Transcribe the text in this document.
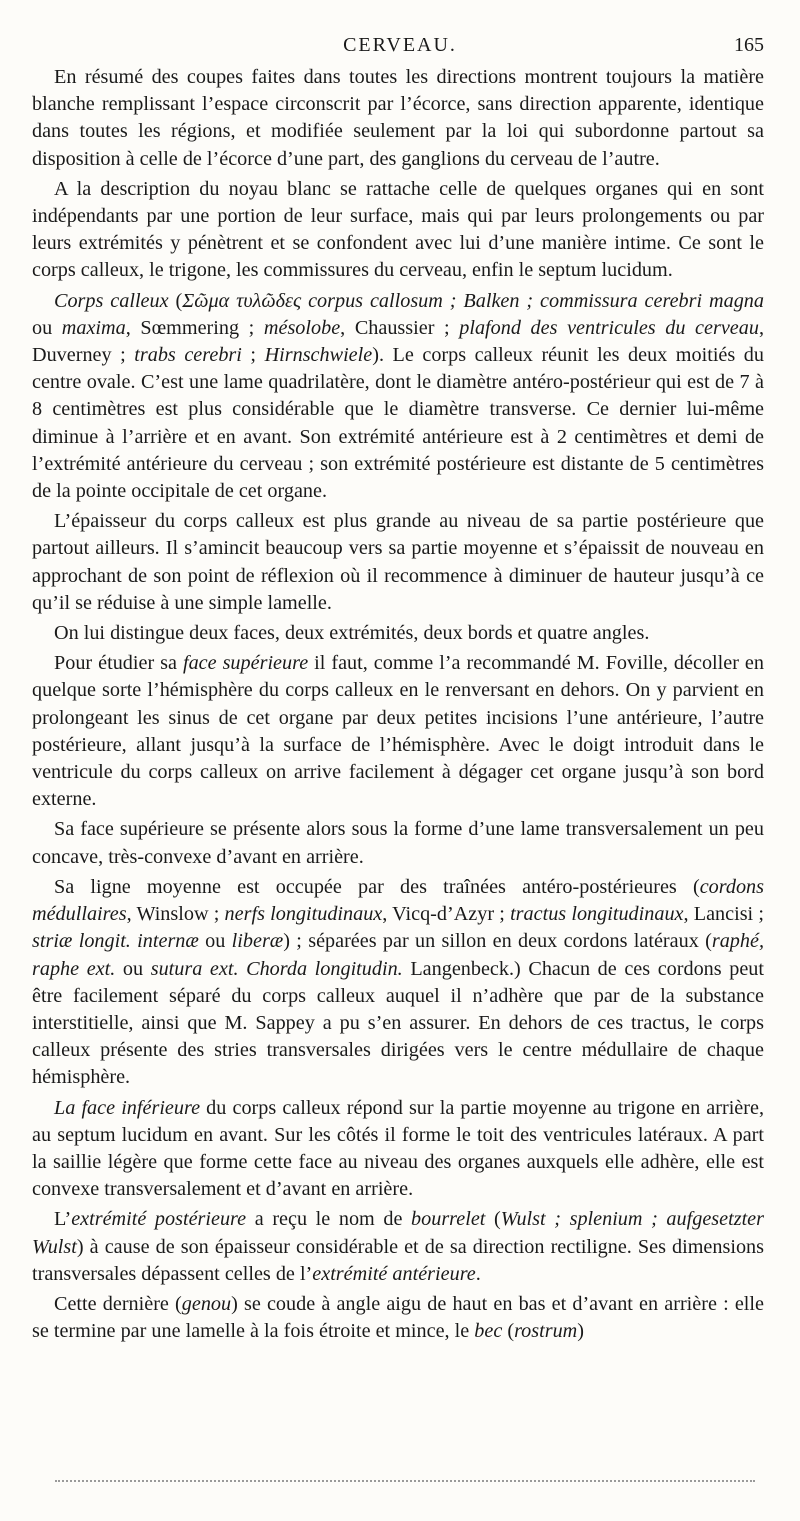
CERVEAU.	165

En résumé des coupes faites dans toutes les directions montrent toujours la matière blanche remplissant l’espace circonscrit par l’écorce, sans direction apparente, identique dans toutes les régions, et modifiée seulement par la loi qui subordonne partout sa disposition à celle de l’écorce d’une part, des ganglions du cerveau de l’autre.

A la description du noyau blanc se rattache celle de quelques organes qui en sont indépendants par une portion de leur surface, mais qui par leurs prolongements ou par leurs extrémités y pénètrent et se confondent avec lui d’une manière intime. Ce sont le corps calleux, le trigone, les commissures du cerveau, enfin le septum lucidum.

Corps calleux (Σῶμα τυλῶδες corpus callosum ; Balken ; commissura cerebri magna ou maxima, Sœmmering ; mésolobe, Chaussier ; plafond des ventricules du cerveau, Duverney ; trabs cerebri ; Hirnschwiele). Le corps calleux réunit les deux moitiés du centre ovale. C’est une lame quadrilatère, dont le diamètre antéro-postérieur qui est de 7 à 8 centimètres est plus considérable que le diamètre transverse. Ce dernier lui-même diminue à l’arrière et en avant. Son extrémité antérieure est à 2 centimètres et demi de l’extrémité antérieure du cerveau ; son extrémité postérieure est distante de 5 centimètres de la pointe occipitale de cet organe.

L’épaisseur du corps calleux est plus grande au niveau de sa partie postérieure que partout ailleurs. Il s’amincit beaucoup vers sa partie moyenne et s’épaissit de nouveau en approchant de son point de réflexion où il recommence à diminuer de hauteur jusqu’à ce qu’il se réduise à une simple lamelle.

On lui distingue deux faces, deux extrémités, deux bords et quatre angles.

Pour étudier sa face supérieure il faut, comme l’a recommandé M. Foville, décoller en quelque sorte l’hémisphère du corps calleux en le renversant en dehors. On y parvient en prolongeant les sinus de cet organe par deux petites incisions l’une antérieure, l’autre postérieure, allant jusqu’à la surface de l’hémisphère. Avec le doigt introduit dans le ventricule du corps calleux on arrive facilement à dégager cet organe jusqu’à son bord externe.

Sa face supérieure se présente alors sous la forme d’une lame transversalement un peu concave, très-convexe d’avant en arrière.

Sa ligne moyenne est occupée par des traînées antéro-postérieures (cordons médullaires, Winslow ; nerfs longitudinaux, Vicq-d’Azyr ; tractus longitudinaux, Lancisi ; striæ longit. internæ ou liberæ) ; séparées par un sillon en deux cordons latéraux (raphé, raphe ext. ou sutura ext. Chorda longitudin. Langenbeck.) Chacun de ces cordons peut être facilement séparé du corps calleux auquel il n’adhère que par de la substance interstitielle, ainsi que M. Sappey a pu s’en assurer. En dehors de ces tractus, le corps calleux présente des stries transversales dirigées vers le centre médullaire de chaque hémisphère.

La face inférieure du corps calleux répond sur la partie moyenne au trigone en arrière, au septum lucidum en avant. Sur les côtés il forme le toit des ventricules latéraux. A part la saillie légère que forme cette face au niveau des organes auxquels elle adhère, elle est convexe transversalement et d’avant en arrière.

L’extrémité postérieure a reçu le nom de bourrelet (Wulst ; splenium ; aufgesetzter Wulst) à cause de son épaisseur considérable et de sa direction rectiligne. Ses dimensions transversales dépassent celles de l’extrémité antérieure.

Cette dernière (genou) se coude à angle aigu de haut en bas et d’avant en arrière : elle se termine par une lamelle à la fois étroite et mince, le bec (rostrum)
